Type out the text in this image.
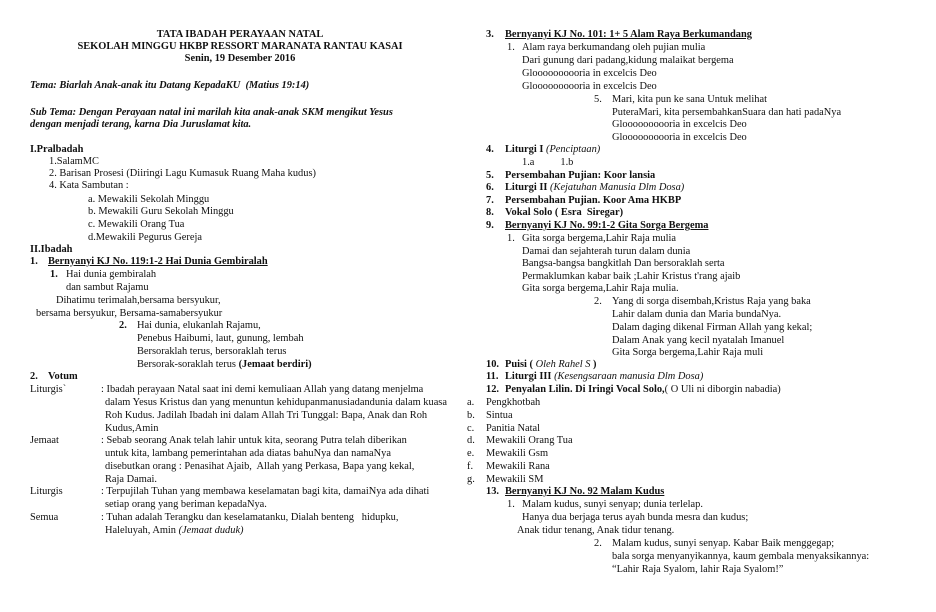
TATA IBADAH PERAYAAN NATAL
SEKOLAH MINGGU HKBP RESSORT MARANATA RANTAU KASAI
Senin, 19 Desember 2016
Tema: Biarlah Anak-anak itu Datang KepadaKU  (Matius 19:14)
Sub Tema: Dengan Perayaan natal ini marilah kita anak-anak SKM mengikut Yesus
dengan menjadi terang, karna Dia Juruslamat kita.
I.Pralbadah
1.SalamMC
2. Barisan Prosesi (Diiringi Lagu Kumasuk Ruang Maha kudus)
4. Kata Sambutan :
a. Mewakili Sekolah Minggu
b. Mewakili Guru Sekolah Minggu
c. Mewakili Orang Tua
d.Mewakili Pegurus Gereja
II.Ibadah
1. Bernyanyi KJ No. 119:1-2 Hai Dunia Gembiralah
1. Hai dunia gembiralah
dan sambut Rajamu
Dihatimu terimalah,bersama bersyukur,
bersama bersyukur, Bersama-samabersyukur
2. Hai dunia, elukanlah Rajamu,
Penebus Haibumi, laut, gunung, lembah
Bersoraklah terus, bersoraklah terus
Bersorak-soraklah terus (Jemaat berdiri)
2. Votum
Liturgis`	: Ibadah perayaan Natal saat ini demi kemuliaan Allah yang datang menjelma
dalam Yesus Kristus dan yang menuntun kehidupanmanusiadandunia dalam kuasa
Roh Kudus. Jadilah Ibadah ini dalam Allah Tri Tunggal: Bapa, Anak dan Roh
Kudus,Amin
Jemaat	: Sebab seorang Anak telah lahir untuk kita, seorang Putra telah diberikan
untuk kita, lambang pemerintahan ada diatas bahuNya dan namaNya
disebutkan orang : Penasihat Ajaib,  Allah yang Perkasa, Bapa yang kekal,
Raja Damai.
Liturgis	: Terpujilah Tuhan yang membawa keselamatan bagi kita, damaiNya ada dihati
setiap orang yang beriman kepadaNya.
Semua	: Tuhan adalah Terangku dan keselamatanku, Dialah benteng   hidupku,
Haleluyah, Amin (Jemaat duduk)
3. Bernyanyi KJ No. 101: 1+ 5 Alam Raya Berkumandang
1. Alam raya berkumandang oleh pujian mulia
Dari gunung dari padang,kidung malaikat bergema
Gloooooooooria in excelcis Deo
Gloooooooooria in excelcis Deo
5. Mari, kita pun ke sana Untuk melihat
PuteraMari, kita persembahkanSuara dan hati padaNya
Gloooooooooria in excelcis Deo
Gloooooooooria in excelcis Deo
4. Liturgi I (Penciptaan)
1.a          1.b
5. Persembahan Pujian: Koor lansia
6. Liturgi II (Kejatuhan Manusia Dlm Dosa)
7. Persembahan Pujian. Koor Ama HKBP
8. Vokal Solo ( Esra  Siregar)
9. Bernyanyi KJ No. 99:1-2 Gita Sorga Bergema
1. Gita sorga bergema,Lahir Raja mulia
Damai dan sejahterah turun dalam dunia
Bangsa-bangsa bangkitlah Dan bersoraklah serta
Permaklumkan kabar baik ;Lahir Kristus t'rang ajaib
Gita sorga bergema,Lahir Raja mulia.
2. Yang di sorga disembah,Kristus Raja yang baka
Lahir dalam dunia dan Maria bundaNya.
Dalam daging dikenal Firman Allah yang kekal;
Dalam Anak yang kecil nyatalah Imanuel
Gita Sorga bergema,Lahir Raja muli
10. Puisi ( Oleh Rahel S )
11. Liturgi III (Kesengsaraan manusia Dlm Dosa)
12. Penyalan Lilin. Di Iringi Vocal Solo,( O Uli ni diborgin nabadia)
a. Pengkhotbah
b. Sintua
c. Panitia Natal
d. Mewakili Orang Tua
e. Mewakili Gsm
f. Mewakili Rana
g. Mewakili SM
13. Bernyanyi KJ No. 92 Malam Kudus
1. Malam kudus, sunyi senyap; dunia terlelap.
Hanya dua berjaga terus ayah bunda mesra dan kudus;
Anak tidur tenang, Anak tidur tenang.
2. Malam kudus, sunyi senyap. Kabar Baik menggegap;
bala sorga menyanyikannya, kaum gembala menyaksikannya:
“Lahir Raja Syalom, lahir Raja Syalom!”
